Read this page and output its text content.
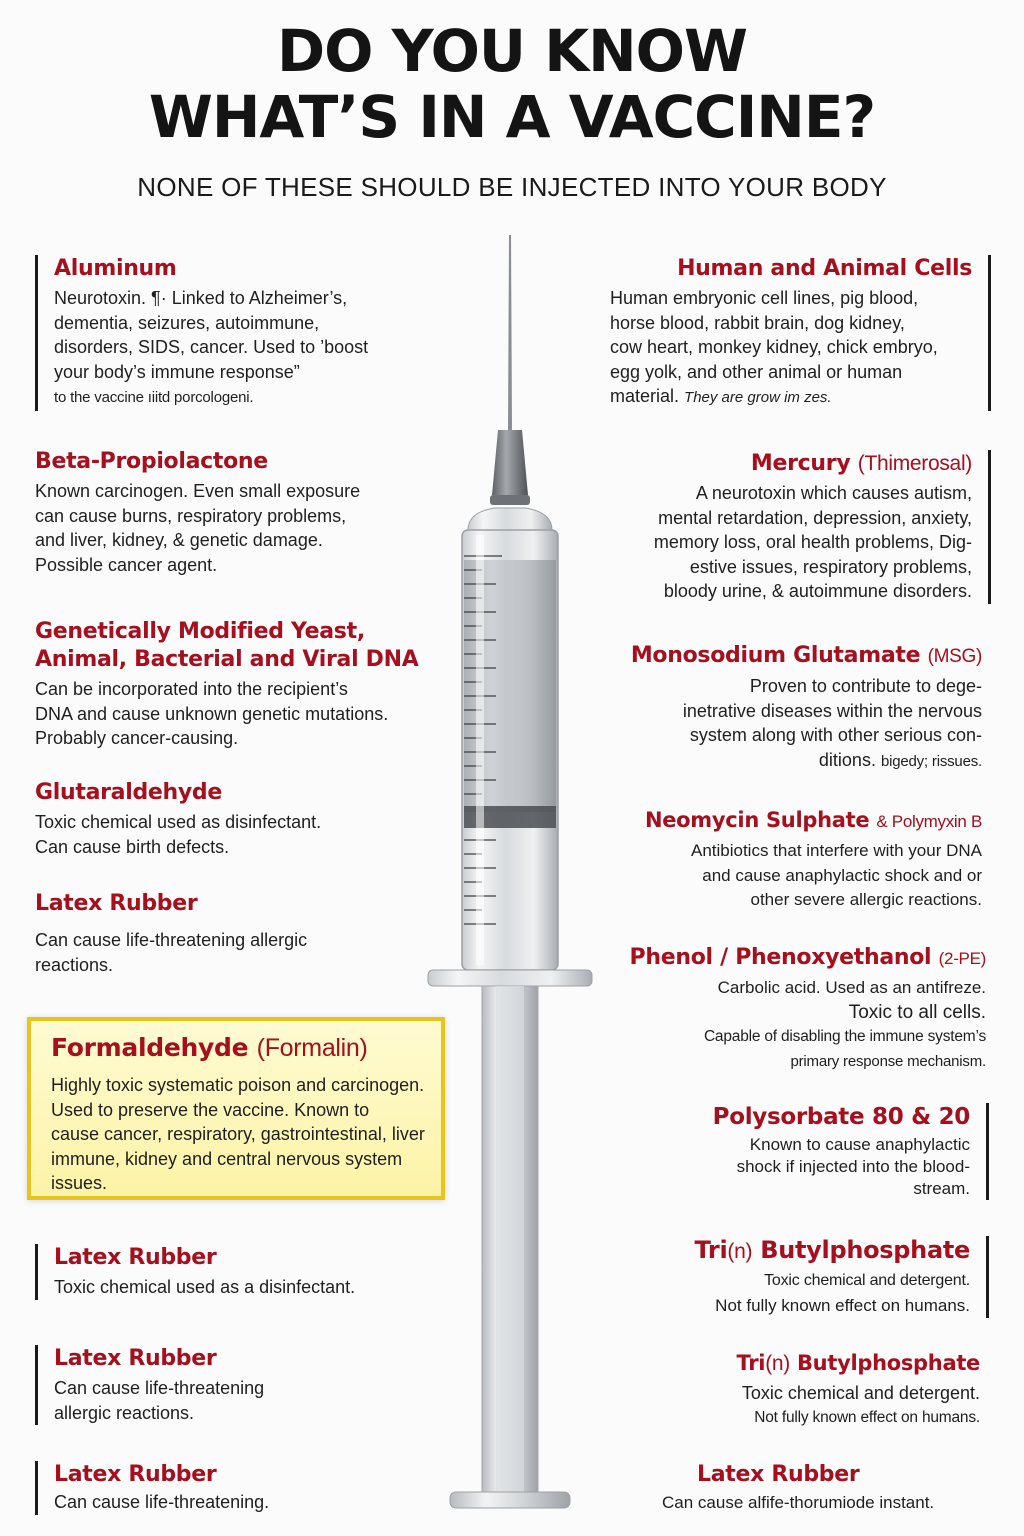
DO YOU KNOW
WHAT’S IN A VACCINE?
NONE OF THESE SHOULD BE INJECTED INTO YOUR BODY
Aluminum
Neurotoxin. ¶· Linked to Alzheimer’s,
dementia, seizures, autoimmune,
disorders, SIDS, cancer. Used to ’boost
your body’s immune response”
to the vaccine ıiitd porcologeni.
Beta-Propiolactone
Known carcinogen. Even small exposure
can cause burns, respiratory problems,
and liver, kidney, & genetic damage.
Possible cancer agent.
Genetically Modified Yeast,
Animal, Bacterial and Viral DNA
Can be incorporated into the recipient’s
DNA and cause unknown genetic mutations.
Probably cancer-causing.
Glutaraldehyde
Toxic chemical used as disinfectant.
Can cause birth defects.
Latex Rubber
Can cause life-threatening allergic
reactions.
Formaldehyde (Formalin)
Highly toxic systematic poison and carcinogen.
Used to preserve the vaccine. Known to
cause cancer, respiratory, gastrointestinal, liver
immune, kidney and central nervous system
issues.
Latex Rubber
Toxic chemical used as a disinfectant.
Latex Rubber
Can cause life-threatening
allergic reactions.
Latex Rubber
Can cause life-threatening.
Human and Animal Cells
Human embryonic cell lines, pig blood,
horse blood, rabbit brain, dog kidney,
cow heart, monkey kidney, chick embryo,
egg yolk, and other animal or human
material. They are grow im zes.
Mercury (Thimerosal)
A neurotoxin which causes autism,
mental retardation, depression, anxiety,
memory loss, oral health problems, Dig-
estive issues, respiratory problems,
bloody urine, & autoimmune disorders.
Monosodium Glutamate (MSG)
Proven to contribute to dege-
inetrative diseases within the nervous
system along with other serious con-
ditions. bigedy; rissues.
Neomycin Sulphate & Polymyxin B
Antibiotics that interfere with your DNA
and cause anaphylactic shock and or
other severe allergic reactions.
Phenol / Phenoxyethanol (2-PE)
Carbolic acid. Used as an antifreze.
Toxic to all cells.
Capable of disabling the immune system’s
primary response mechanism.
Polysorbate 80 & 20
Known to cause anaphylactic
shock if injected into the blood-
stream.
Tri(n) Butylphosphate
Toxic chemical and detergent.
Not fully known effect on humans.
Tri(n) Butylphosphate
Toxic chemical and detergent.
Not fully known effect on humans.
Latex Rubber
Can cause alfife-thorumiode instant.
